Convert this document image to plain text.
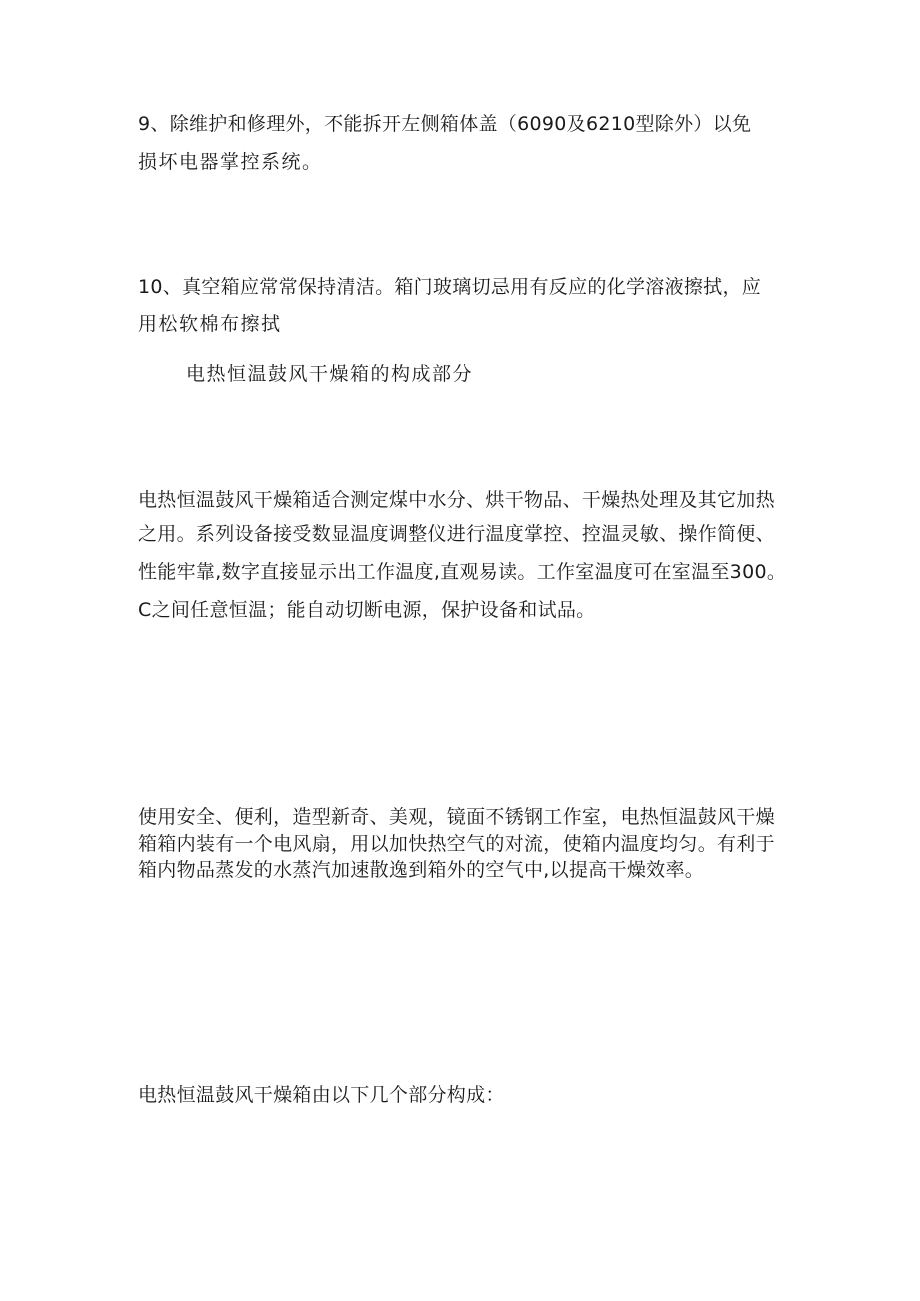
9、除维护和修理外，不能拆开左侧箱体盖（6090及6210型除外）以免
损坏电器掌控系统。
10、真空箱应常常保持清洁。箱门玻璃切忌用有反应的化学溶液擦拭，应
用松软棉布擦拭
电热恒温鼓风干燥箱的构成部分
电热恒温鼓风干燥箱适合测定煤中水分、烘干物品、干燥热处理及其它加热
之用。系列设备接受数显温度调整仪进行温度掌控、控温灵敏、操作简便、
性能牢靠,数字直接显示出工作温度,直观易读。工作室温度可在室温至300。
C之间任意恒温；能自动切断电源，保护设备和试品。
使用安全、便利，造型新奇、美观，镜面不锈钢工作室，电热恒温鼓风干燥
箱箱内装有一个电风扇，用以加快热空气的对流，使箱内温度均匀。有利于
箱内物品蒸发的水蒸汽加速散逸到箱外的空气中,以提高干燥效率。
电热恒温鼓风干燥箱由以下几个部分构成：
